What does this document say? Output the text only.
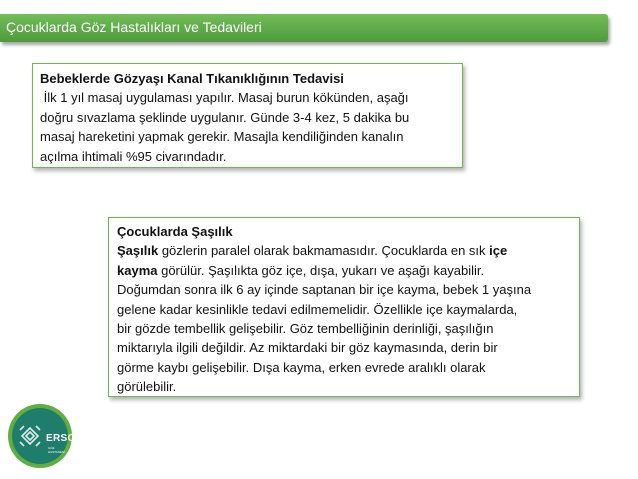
Çocuklarda Göz Hastalıkları ve Tedavileri

Bebeklerde Gözyaşı Kanal Tıkanıklığının Tedavisi

İlk 1 yıl masaj uygulaması yapılır. Masaj burun kökünden, aşağı

doğru sıvazlama şeklinde uygulanır. Günde 3-4 kez, 5 dakika bu

masaj hareketini yapmak gerekir. Masajla kendiliğinden kanalın

açılma ihtimali %95 civarındadır.

Çocuklarda Şaşılık

Şaşılık gözlerin paralel olarak bakmamasıdır. Çocuklarda en sık içe

kayma görülür. Şaşılıkta göz içe, dışa, yukarı ve aşağı kayabilir.

Doğumdan sonra ilk 6 ay içinde saptanan bir içe kayma, bebek 1 yaşına

gelene kadar kesinlikle tedavi edilmemelidir. Özellikle içe kaymalarda,

bir gözde tembellik gelişebilir. Göz tembelliğinin derinliği, şaşılığın

miktarıyla ilgili değildir. Az miktardaki bir göz kaymasında, derin bir

görme kaybı gelişebilir. Dışa kayma, erken evrede aralıklı olarak

görülebilir.

ERSOY
GÖZ HASTANESİ
